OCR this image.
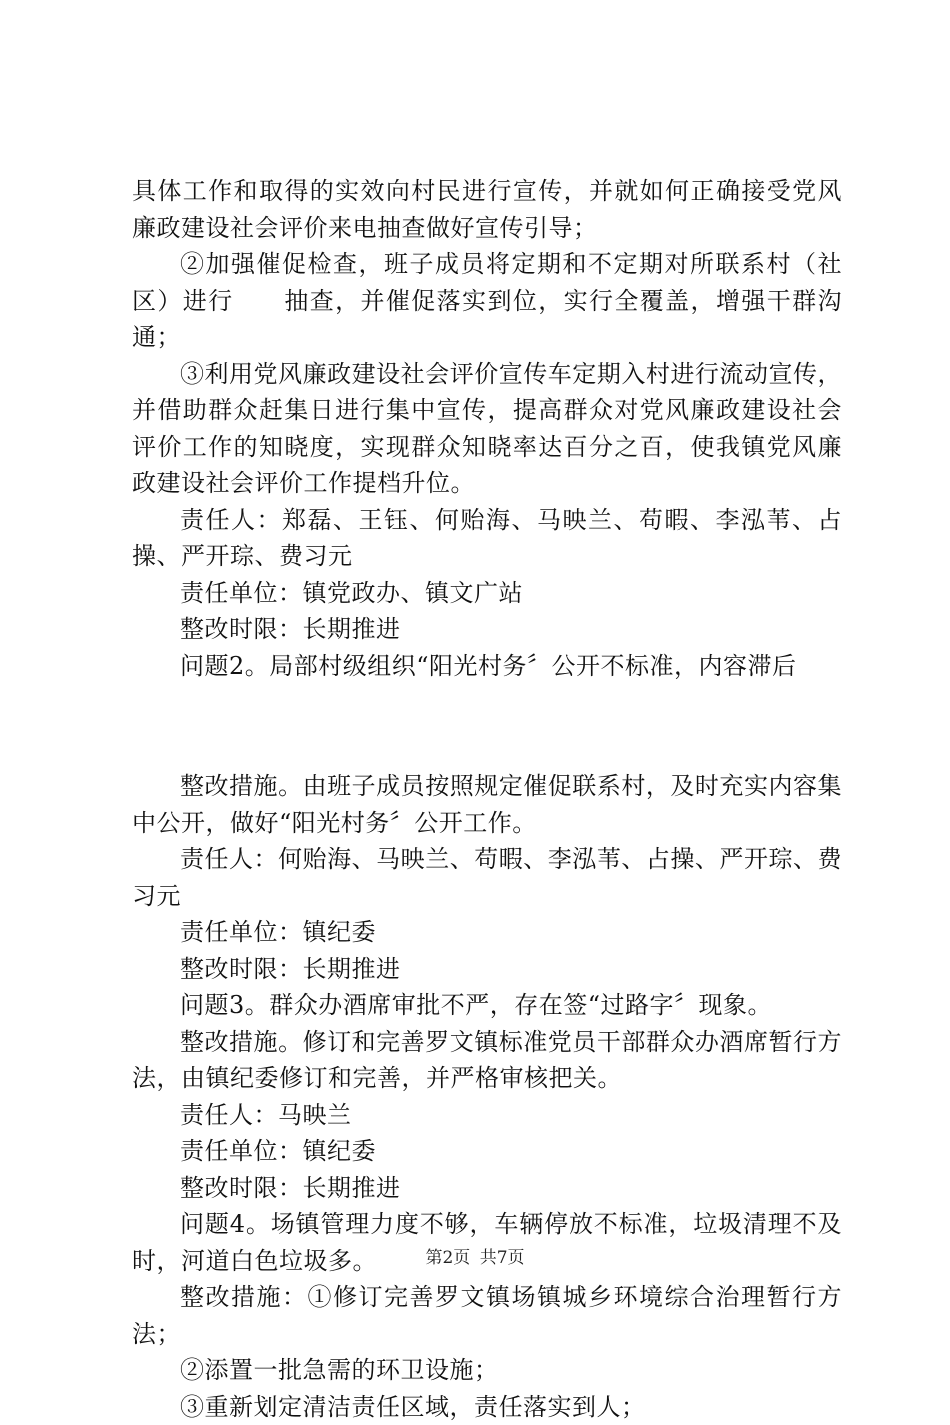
具体工作和取得的实效向村民进行宣传，并就如何正确接受党风廉政建设社会评价来电抽查做好宣传引导；

②加强催促检查，班子成员将定期和不定期对所联系村（社区）进行　　抽查，并催促落实到位，实行全覆盖，增强干群沟通；

③利用党风廉政建设社会评价宣传车定期入村进行流动宣传，并借助群众赶集日进行集中宣传，提高群众对党风廉政建设社会评价工作的知晓度，实现群众知晓率达百分之百，使我镇党风廉政建设社会评价工作提档升位。

责任人：郑磊、王钰、何贻海、马映兰、苟暇、李泓苇、占操、严开琮、费习元

责任单位：镇党政办、镇文广站

整改时限：长期推进

问题2。局部村级组织“阳光村务〞公开不标准，内容滞后

整改措施。由班子成员按照规定催促联系村，及时充实内容集中公开，做好“阳光村务〞公开工作。

责任人：何贻海、马映兰、苟暇、李泓苇、占操、严开琮、费习元

责任单位：镇纪委

整改时限：长期推进

问题3。群众办酒席审批不严，存在签“过路字〞现象。

整改措施。修订和完善罗文镇标准党员干部群众办酒席暂行方法，由镇纪委修订和完善，并严格审核把关。

责任人：马映兰

责任单位：镇纪委

整改时限：长期推进

问题4。场镇管理力度不够，车辆停放不标准，垃圾清理不及时，河道白色垃圾多。

整改措施：①修订完善罗文镇场镇城乡环境综合治理暂行方法；

②添置一批急需的环卫设施；

③重新划定清洁责任区域，责任落实到人；

第2页 共7页
